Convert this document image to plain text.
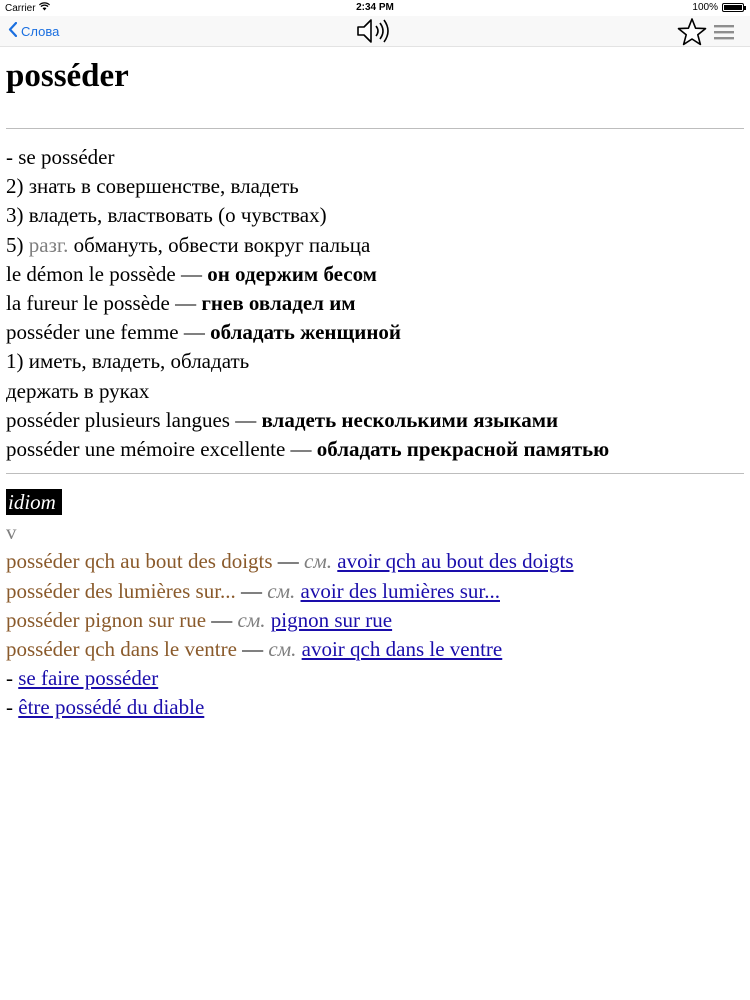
Carrier	2:34 PM	100%
Слова
posséder
- se posséder
2) знать в совершенстве, владеть
3) владеть, властвовать (о чувствах)
5) разг. обмануть, обвести вокруг пальца
le démon le possède — он одержим бесом
la fureur le possède — гнев овладел им
posséder une femme — обладать женщиной
1) иметь, владеть, обладать
держать в руках
posséder plusieurs langues — владеть несколькими языками
posséder une mémoire excellente — обладать прекрасной памятью
idiom
v
posséder qch au bout des doigts — см. avoir qch au bout des doigts
posséder des lumières sur... — см. avoir des lumières sur...
posséder pignon sur rue — см. pignon sur rue
posséder qch dans le ventre — см. avoir qch dans le ventre
- se faire posséder
- être possédé du diable
